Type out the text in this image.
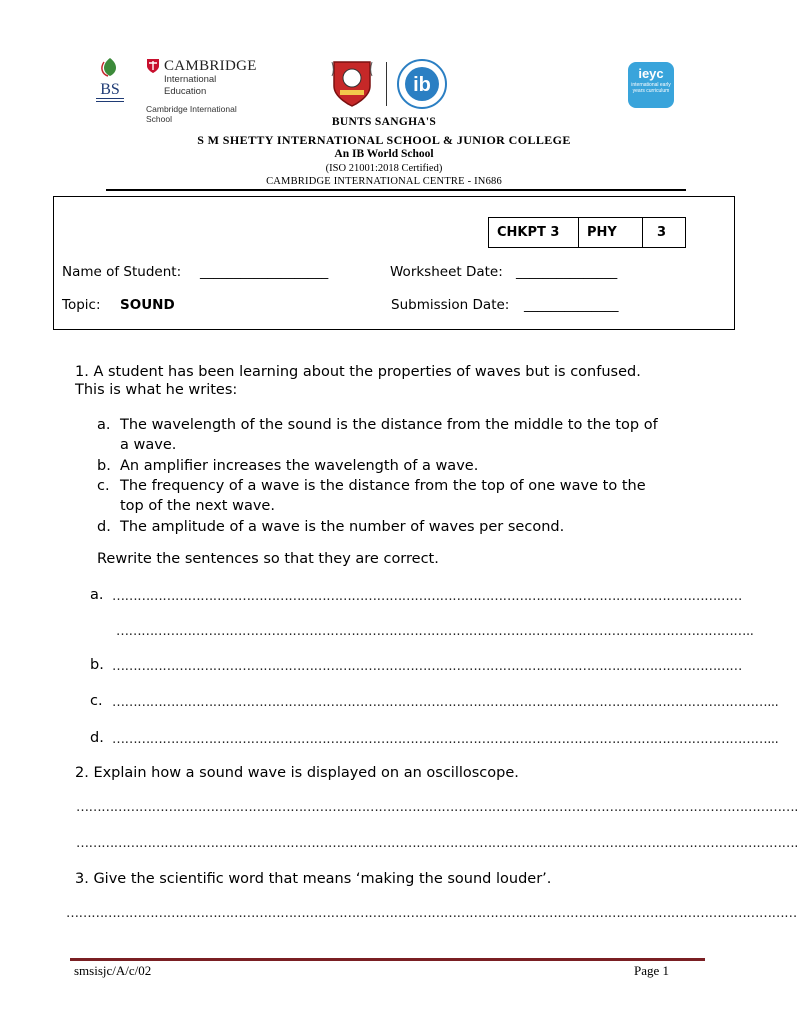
BS
CAMBRIDGE
International Education
Cambridge International School
ib
ieyc
international early years curriculum
BUNTS SANGHA'S
S M SHETTY INTERNATIONAL SCHOOL & JUNIOR COLLEGE
An IB World School
(ISO 21001:2018 Certified)
CAMBRIDGE INTERNATIONAL CENTRE - IN686
CHKPT 3	PHY	3
Name of Student: ___________________	Worksheet Date: _______________
Topic: SOUND	Submission Date: ______________
1. A student has been learning about the properties of waves but is confused.
This is what he writes:
a. The wavelength of the sound is the distance from the middle to the top of
a wave.
b. An amplifier increases the wavelength of a wave.
c. The frequency of a wave is the distance from the top of one wave to the
top of the next wave.
d. The amplitude of a wave is the number of waves per second.
Rewrite the sentences so that they are correct.
a. ……………………………………………………………………………………………………………………………………
……………………………………………………………………………………………………………………………………..
b. ……………………………………………………………………………………………………………………………………
c. …………………………………………………………………………………………………………………………………………...
d. …………………………………………………………………………………………………………………………………………...
2. Explain how a sound wave is displayed on an oscilloscope.
……………………………………………………………………………………………………………………………………………………….
……………………………………………………………………………………………………………………………………………………….
3. Give the scientific word that means ‘making the sound louder’.
…………………………………………………………………………………………………………………………………………………………
smsisjc/A/c/02	Page 1
